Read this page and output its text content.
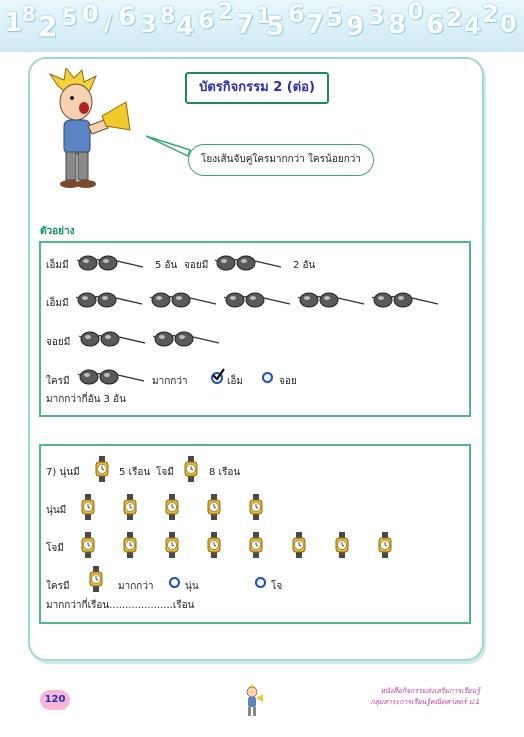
1 8 2 5 0 / 6 3 8 4 6 2 7 1
5 6 7 5 9 3 8 0 6 2 4 2 0
บัตรกิจกรรม 2 (ต่อ)
โยงเส้นจับคู่ใครมากกว่า ใครน้อยกว่า
ตัวอย่าง
เอ็มมี	5 อัน จอยมี	2 อัน
เอ็มมี
จอยมี
ใครมี	มากกว่า	เอ็ม	จอย
มากกว่ากี่อัน 3 อัน
7) นุ่นมี	5 เรือน โจมี	8 เรือน
นุ่นมี
โจมี
ใครมี	มากกว่า	นุ่น	โจ
มากกว่ากี่เรือน....................เรือน
120
หนังสือกิจกรรมส่งเสริมการเรียนรู้
กลุ่มสาระการเรียนรู้คณิตศาสตร์ ป.1
